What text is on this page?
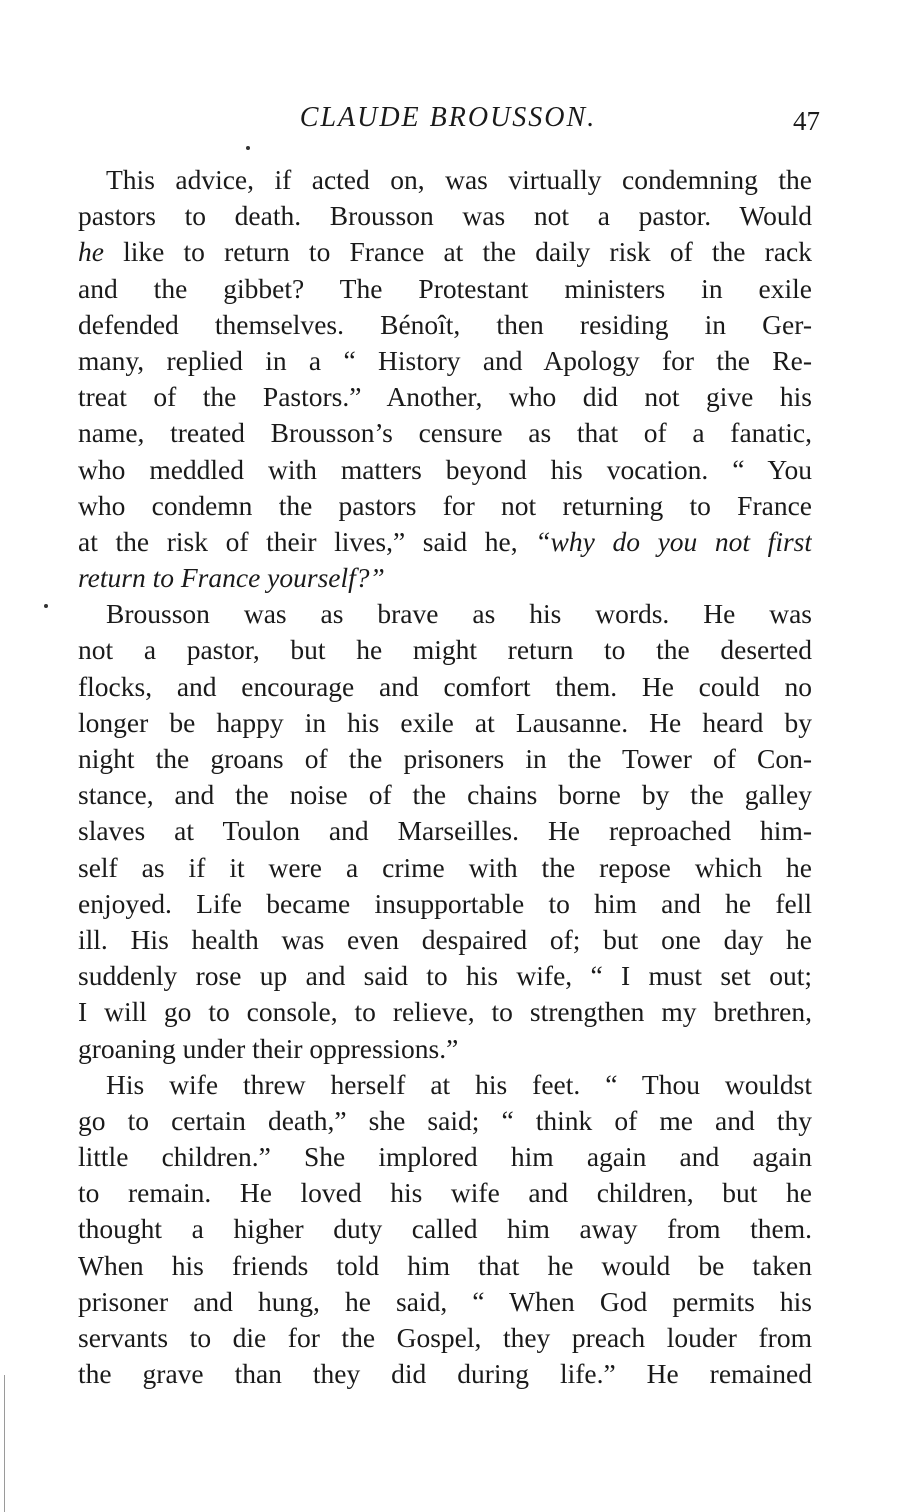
CLAUDE BROUSSON.	47
This advice, if acted on, was virtually condemning the
pastors to death. Brousson was not a pastor. Would
he like to return to France at the daily risk of the rack
and the gibbet? The Protestant ministers in exile
defended themselves. Bénoît, then residing in Ger-
many, replied in a “ History and Apology for the Re-
treat of the Pastors.” Another, who did not give his
name, treated Brousson’s censure as that of a fanatic,
who meddled with matters beyond his vocation. “ You
who condemn the pastors for not returning to France
at the risk of their lives,” said he, “why do you not first
return to France yourself?”
Brousson was as brave as his words. He was
not a pastor, but he might return to the deserted
flocks, and encourage and comfort them. He could no
longer be happy in his exile at Lausanne. He heard by
night the groans of the prisoners in the Tower of Con-
stance, and the noise of the chains borne by the galley
slaves at Toulon and Marseilles. He reproached him-
self as if it were a crime with the repose which he
enjoyed. Life became insupportable to him and he fell
ill. His health was even despaired of; but one day he
suddenly rose up and said to his wife, “ I must set out;
I will go to console, to relieve, to strengthen my brethren,
groaning under their oppressions.”
His wife threw herself at his feet. “ Thou wouldst
go to certain death,” she said; “ think of me and thy
little children.” She implored him again and again
to remain. He loved his wife and children, but he
thought a higher duty called him away from them.
When his friends told him that he would be taken
prisoner and hung, he said, “ When God permits his
servants to die for the Gospel, they preach louder from
the grave than they did during life.” He remained
